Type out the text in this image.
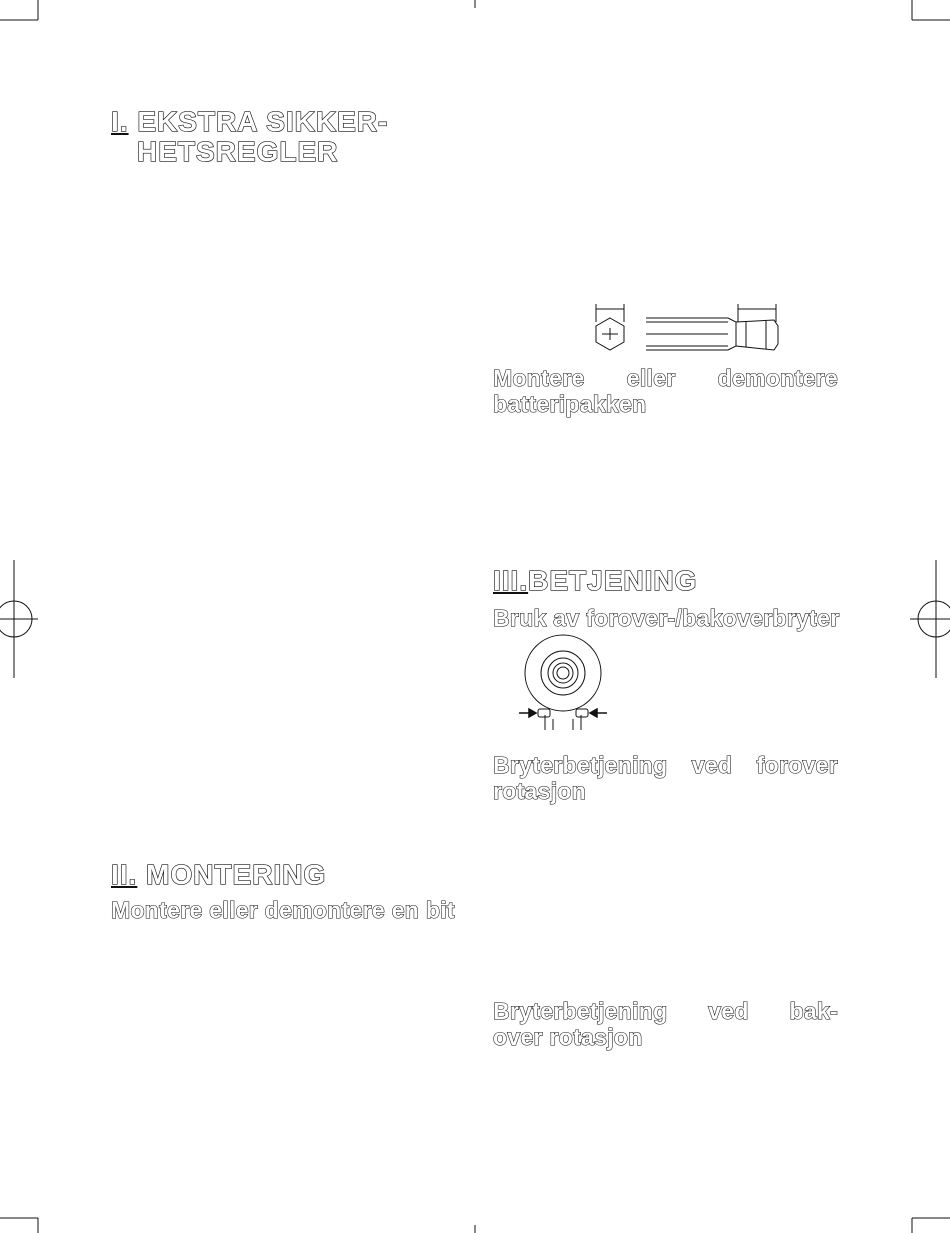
I. EKSTRA SIKKER-
HETSREGLER
Montere eller demontere
batteripakken
III.BETJENING
Bruk av forover-/bakoverbryter
Bryterbetjening ved forover
rotasjon
II. MONTERING
Montere eller demontere en bit
Bryterbetjening ved bak-
over rotasjon
